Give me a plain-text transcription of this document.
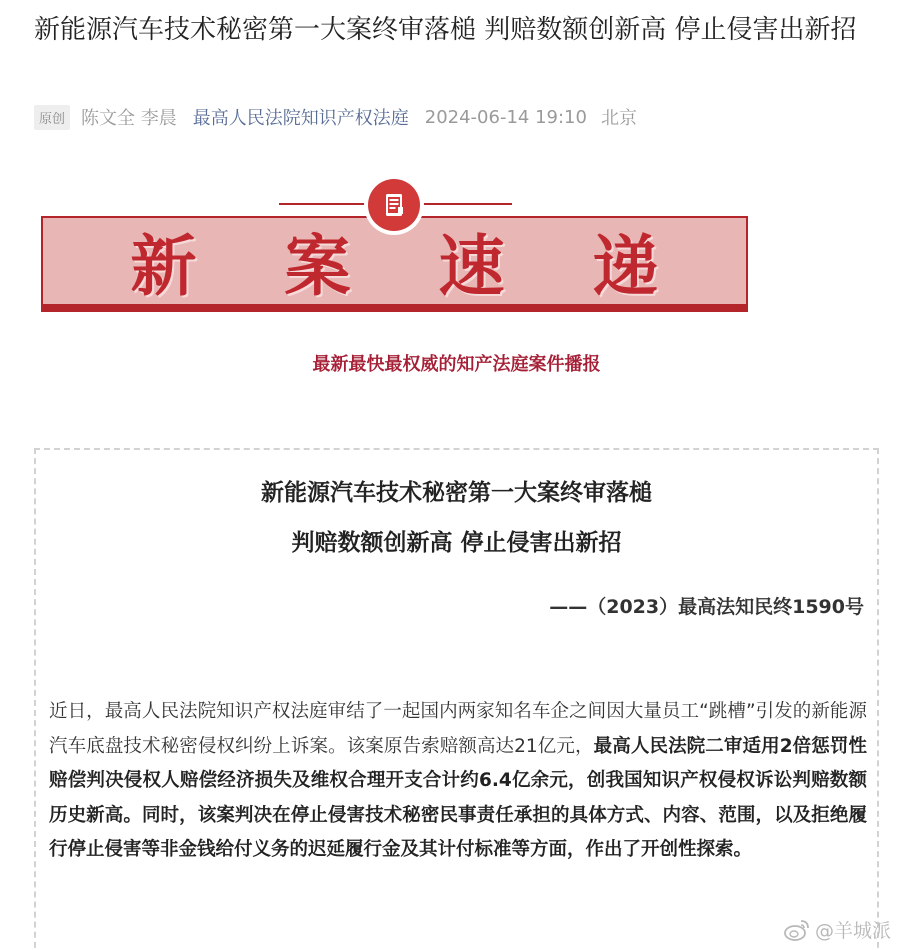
新能源汽车技术秘密第一大案终审落槌 判赔数额创新高 停止侵害出新招
原创 陈文全 李晨 最高人民法院知识产权法庭 2024-06-14 19:10 北京
新 案 速 递
最新最快最权威的知产法庭案件播报
新能源汽车技术秘密第一大案终审落槌
判赔数额创新高 停止侵害出新招
——（2023）最高法知民终1590号

近日，最高人民法院知识产权法庭审结了一起国内两家知名车企之间因大量员工“跳槽”引发的新能源汽车底盘技术秘密侵权纠纷上诉案。该案原告索赔额高达21亿元，最高人民法院二审适用2倍惩罚性赔偿判决侵权人赔偿经济损失及维权合理开支合计约6.4亿余元，创我国知识产权侵权诉讼判赔数额历史新高。同时，该案判决在停止侵害技术秘密民事责任承担的具体方式、内容、范围，以及拒绝履行停止侵害等非金钱给付义务的迟延履行金及其计付标准等方面，作出了开创性探索。

@羊城派
